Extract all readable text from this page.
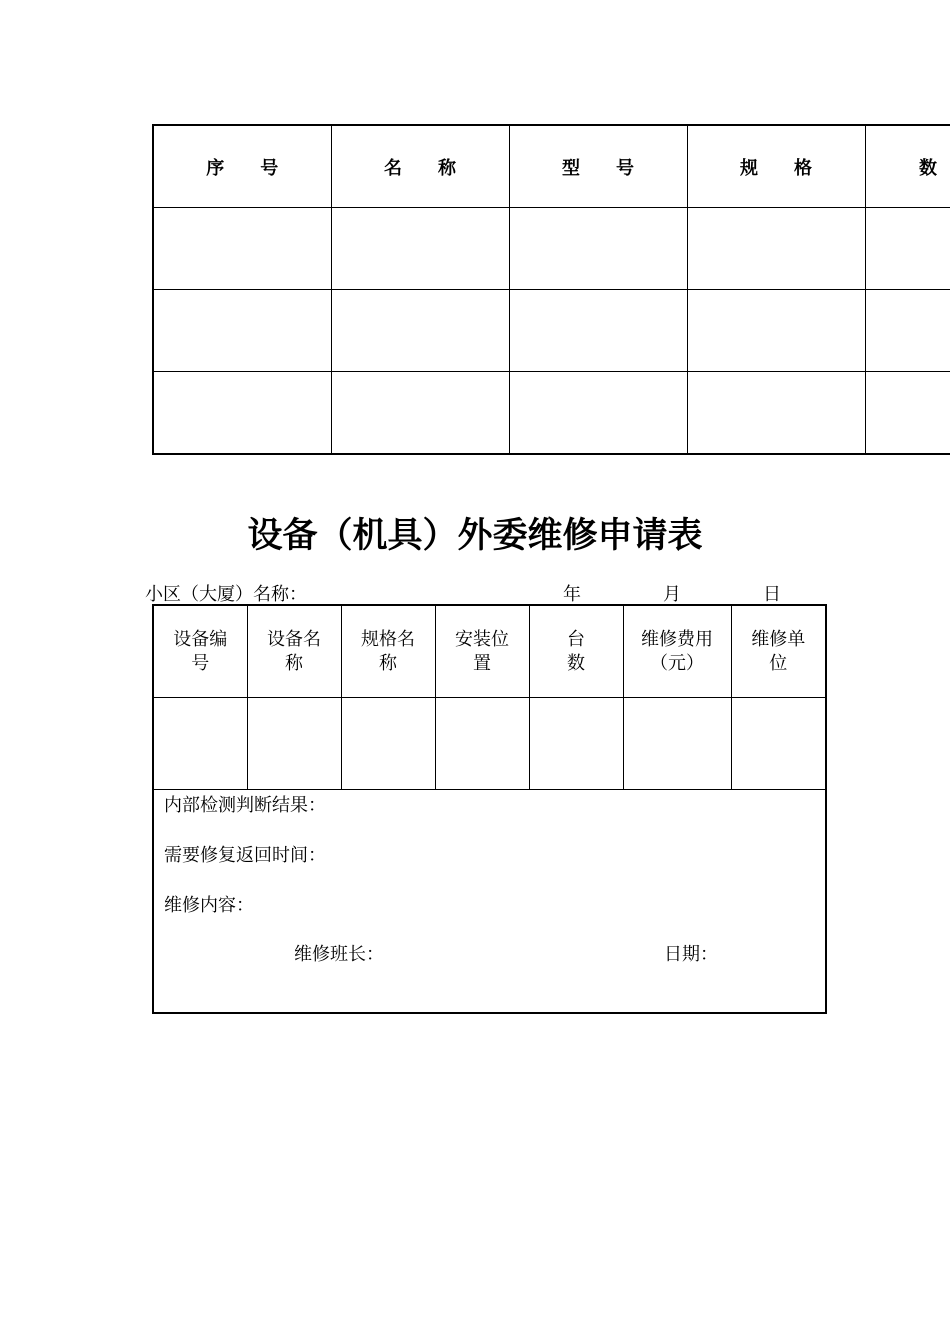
序　　号	名　　称	型　　号	规　　格	数

设备（机具）外委维修申请表
小区（大厦）名称：	年	月	日
设备编号	设备名称	规格名称	安装位置	台数	维修费用（元）	维修单位

内部检测判断结果：
需要修复返回时间：
维修内容：
维修班长： 日期：						
